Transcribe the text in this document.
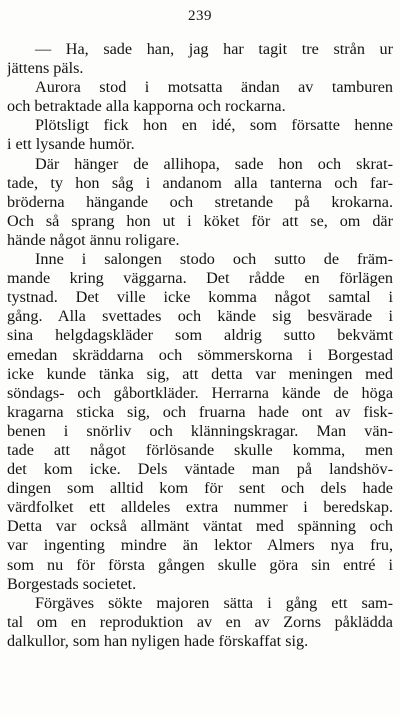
239
— Ha, sade han, jag har tagit tre strån ur
jättens päls.
Aurora stod i motsatta ändan av tamburen
och betraktade alla kapporna och rockarna.
Plötsligt fick hon en idé, som försatte henne
i ett lysande humör.
Där hänger de allihopa, sade hon och skrat-
tade, ty hon såg i andanom alla tanterna och far-
bröderna hängande och stretande på krokarna.
Och så sprang hon ut i köket för att se, om där
hände något ännu roligare.
Inne i salongen stodo och sutto de främ-
mande kring väggarna. Det rådde en förlägen
tystnad. Det ville icke komma något samtal i
gång. Alla svettades och kände sig besvärade i
sina helgdagskläder som aldrig sutto bekvämt
emedan skräddarna och sömmerskorna i Borgestad
icke kunde tänka sig, att detta var meningen med
söndags- och gåbortkläder. Herrarna kände de höga
kragarna sticka sig, och fruarna hade ont av fisk-
benen i snörliv och klänningskragar. Man vän-
tade att något förlösande skulle komma, men
det kom icke. Dels väntade man på landshöv-
dingen som alltid kom för sent och dels hade
värdfolket ett alldeles extra nummer i beredskap.
Detta var också allmänt väntat med spänning och
var ingenting mindre än lektor Almers nya fru,
som nu för första gången skulle göra sin entré i
Borgestads societet.
Förgäves sökte majoren sätta i gång ett sam-
tal om en reproduktion av en av Zorns påklädda
dalkullor, som han nyligen hade förskaffat sig.
